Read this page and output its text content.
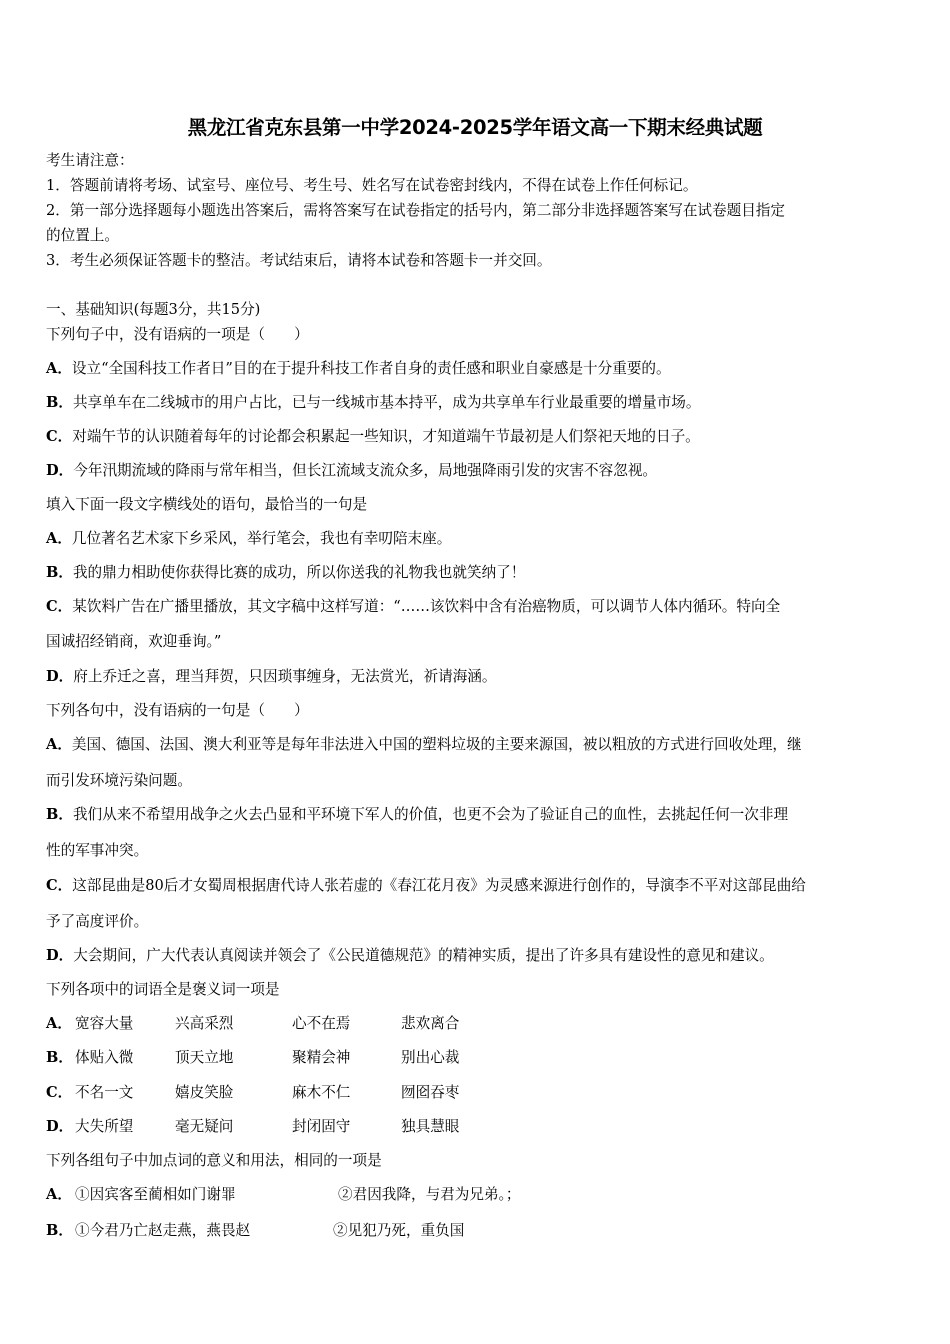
黑龙江省克东县第一中学2024-2025学年语文高一下期末经典试题
考生请注意：
1．答题前请将考场、试室号、座位号、考生号、姓名写在试卷密封线内，不得在试卷上作任何标记。
2．第一部分选择题每小题选出答案后，需将答案写在试卷指定的括号内，第二部分非选择题答案写在试卷题目指定
的位置上。
3．考生必须保证答题卡的整洁。考试结束后，请将本试卷和答题卡一并交回。
一、基础知识(每题3分，共15分)
下列句子中，没有语病的一项是（　　）
A．设立“全国科技工作者日”目的在于提升科技工作者自身的责任感和职业自豪感是十分重要的。
B．共享单车在二线城市的用户占比，已与一线城市基本持平，成为共享单车行业最重要的增量市场。
C．对端午节的认识随着每年的讨论都会积累起一些知识，才知道端午节最初是人们祭祀天地的日子。
D．今年汛期流域的降雨与常年相当，但长江流域支流众多，局地强降雨引发的灾害不容忽视。
填入下面一段文字横线处的语句，最恰当的一句是
A．几位著名艺术家下乡采风，举行笔会，我也有幸叨陪末座。
B．我的鼎力相助使你获得比赛的成功，所以你送我的礼物我也就笑纳了！
C．某饮料广告在广播里播放，其文字稿中这样写道：“……该饮料中含有治癌物质，可以调节人体内循环。特向全
国诚招经销商，欢迎垂询。”
D．府上乔迁之喜，理当拜贺，只因琐事缠身，无法赏光，祈请海涵。
下列各句中，没有语病的一句是（　　）
A．美国、德国、法国、澳大利亚等是每年非法进入中国的塑料垃圾的主要来源国，被以粗放的方式进行回收处理，继
而引发环境污染问题。
B．我们从来不希望用战争之火去凸显和平环境下军人的价值，也更不会为了验证自己的血性，去挑起任何一次非理
性的军事冲突。
C．这部昆曲是80后才女蜀周根据唐代诗人张若虚的《春江花月夜》为灵感来源进行创作的，导演李不平对这部昆曲给
予了高度评价。
D．大会期间，广大代表认真阅读并领会了《公民道德规范》的精神实质，提出了许多具有建设性的意见和建议。
下列各项中的词语全是褒义词一项是
A． 宽容大量	兴高采烈	心不在焉	悲欢离合
B． 体贴入微	顶天立地	聚精会神	别出心裁
C． 不名一文	嬉皮笑脸	麻木不仁	囫囵吞枣
D． 大失所望	毫无疑问	封闭固守	独具慧眼
下列各组句子中加点词的意义和用法，相同的一项是
A． ①因宾客至蔺相如门谢罪	②君因我降，与君为兄弟。；
B． ①今君乃亡赵走燕，燕畏赵	②见犯乃死，重负国
